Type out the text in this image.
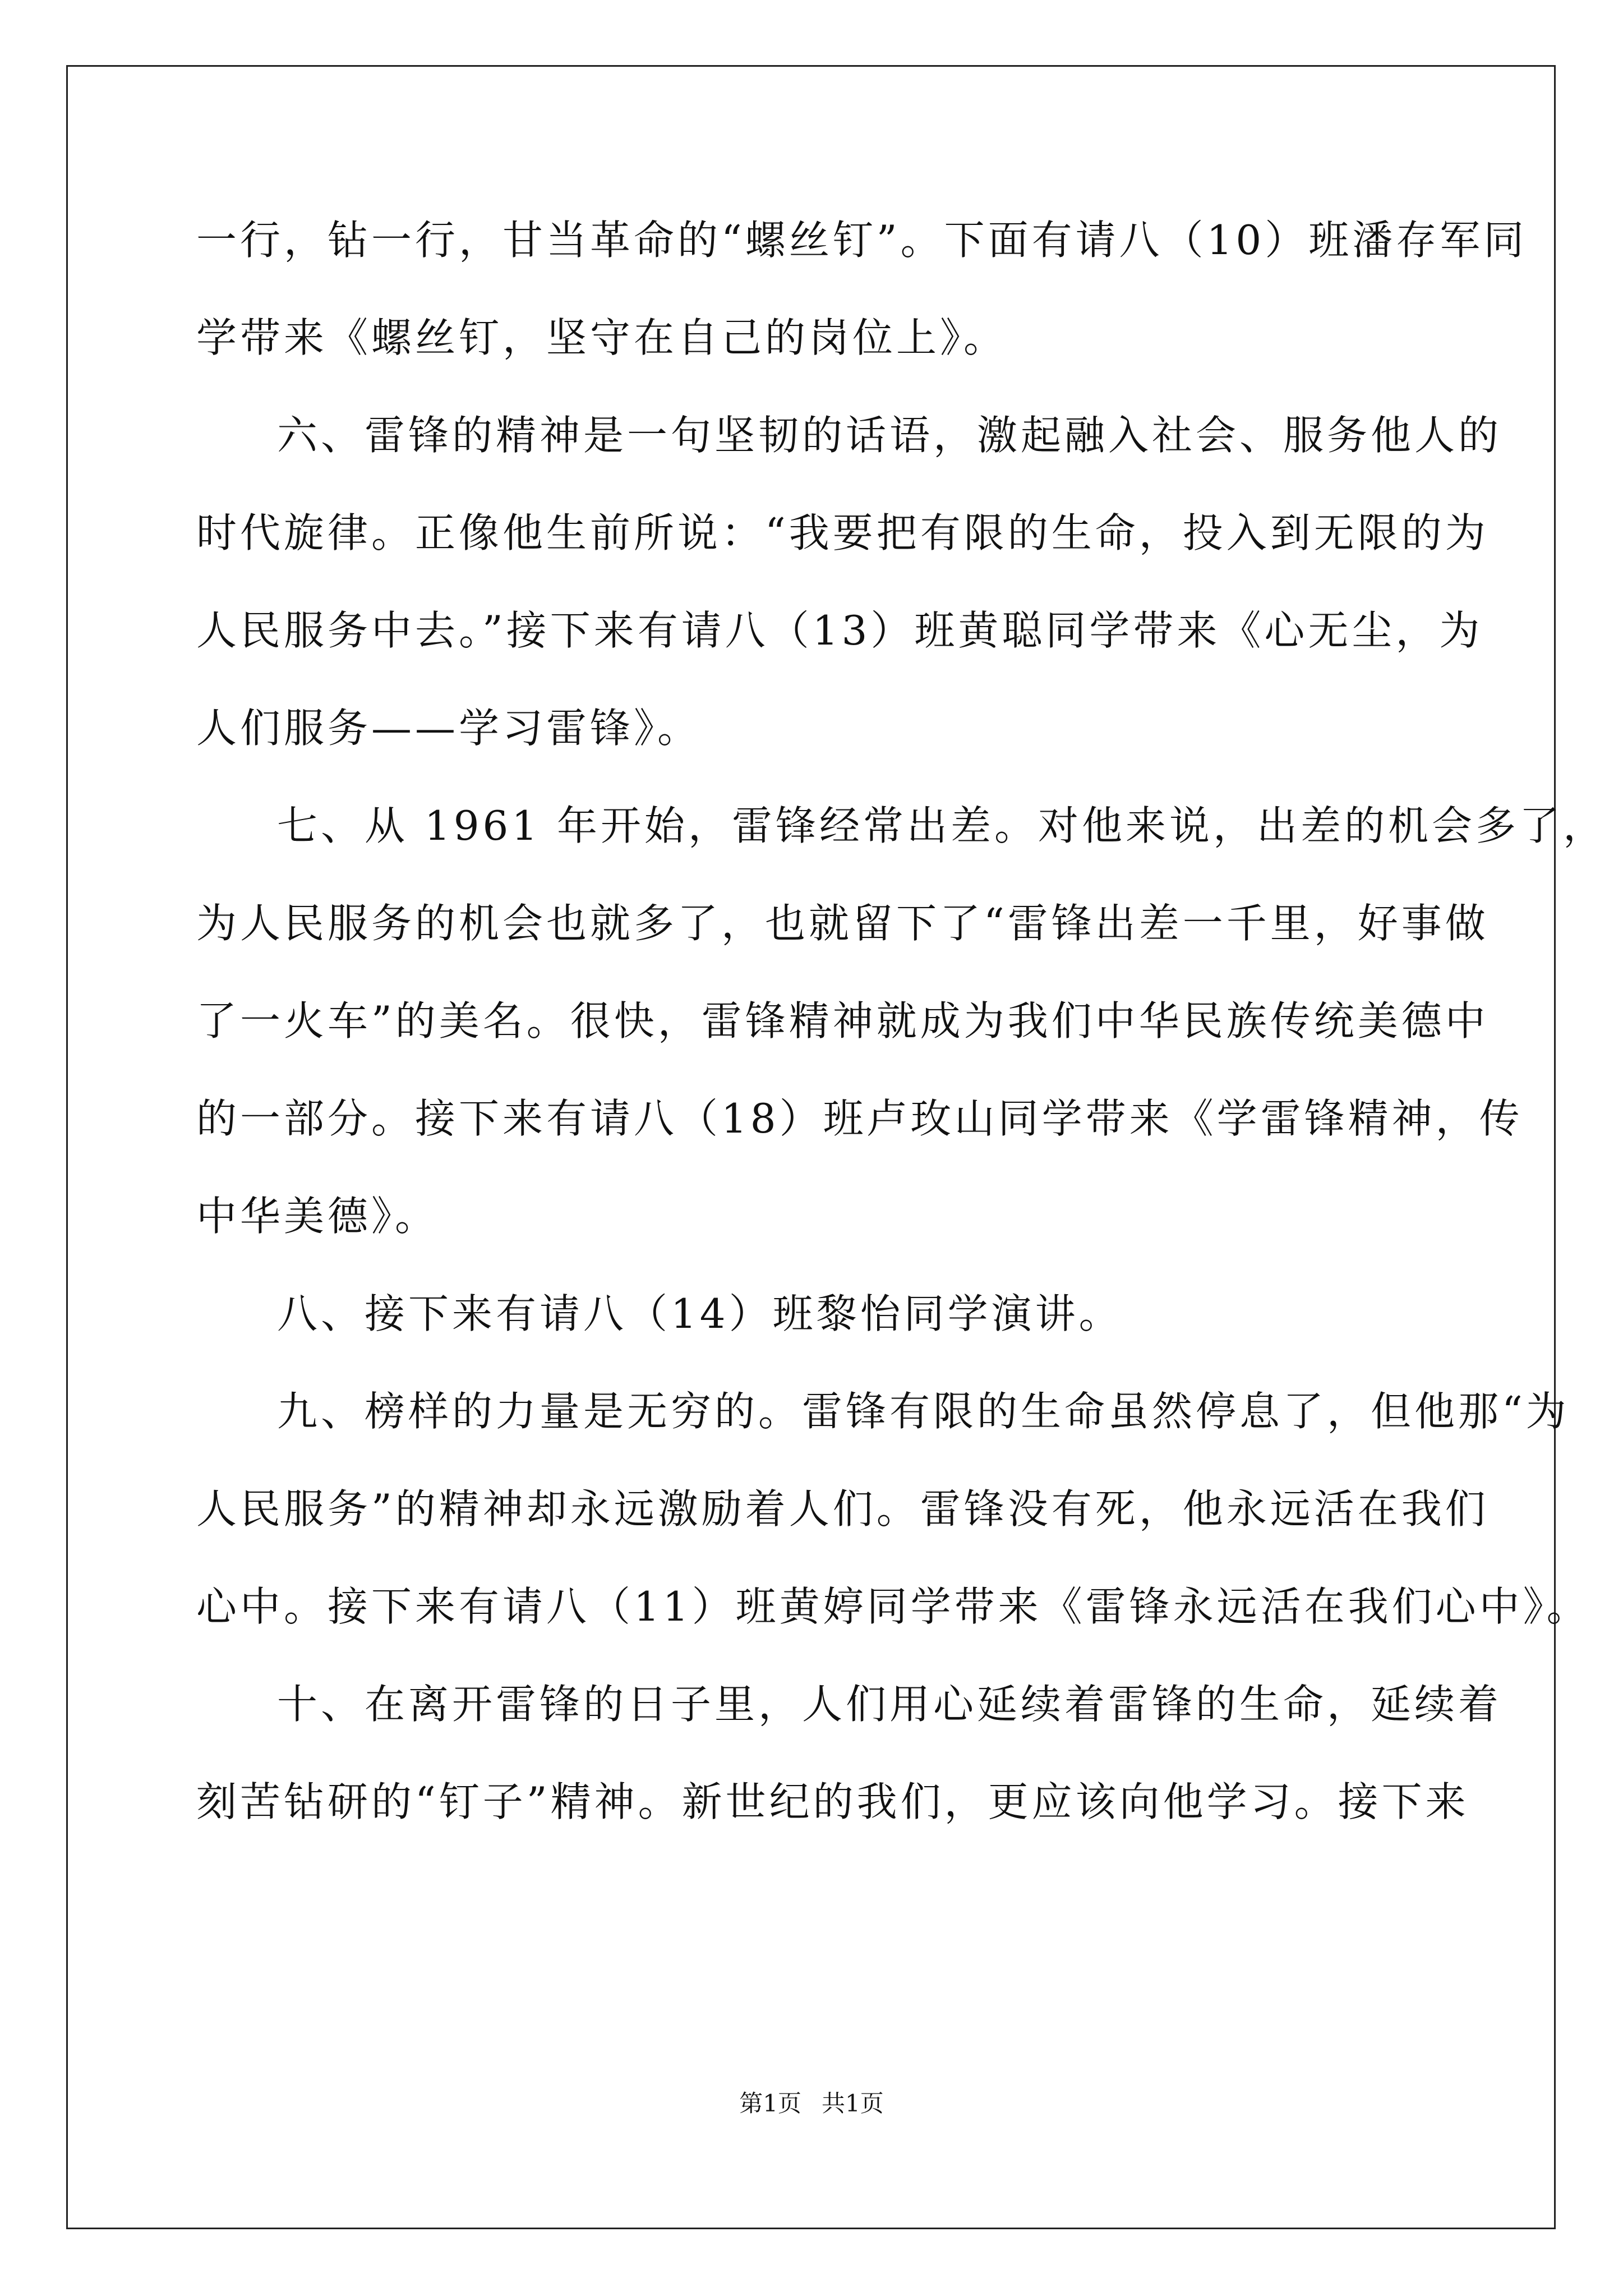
一行，钻一行，甘当革命的“螺丝钉”。下面有请八（10）班潘存军同
学带来《螺丝钉，坚守在自己的岗位上》。
六、雷锋的精神是一句坚韧的话语，激起融入社会、服务他人的
时代旋律。正像他生前所说：“我要把有限的生命，投入到无限的为
人民服务中去。”接下来有请八（13）班黄聪同学带来《心无尘，为
人们服务——学习雷锋》。
七、从 1961 年开始，雷锋经常出差。对他来说，出差的机会多了，
为人民服务的机会也就多了，也就留下了“雷锋出差一千里，好事做
了一火车”的美名。很快，雷锋精神就成为我们中华民族传统美德中
的一部分。接下来有请八（18）班卢玫山同学带来《学雷锋精神，传
中华美德》。
八、接下来有请八（14）班黎怡同学演讲。
九、榜样的力量是无穷的。雷锋有限的生命虽然停息了，但他那“为
人民服务”的精神却永远激励着人们。雷锋没有死，他永远活在我们
心中。接下来有请八（11）班黄婷同学带来《雷锋永远活在我们心中》。
十、在离开雷锋的日子里，人们用心延续着雷锋的生命，延续着
刻苦钻研的“钉子”精神。新世纪的我们，更应该向他学习。接下来
第1页 共1页
